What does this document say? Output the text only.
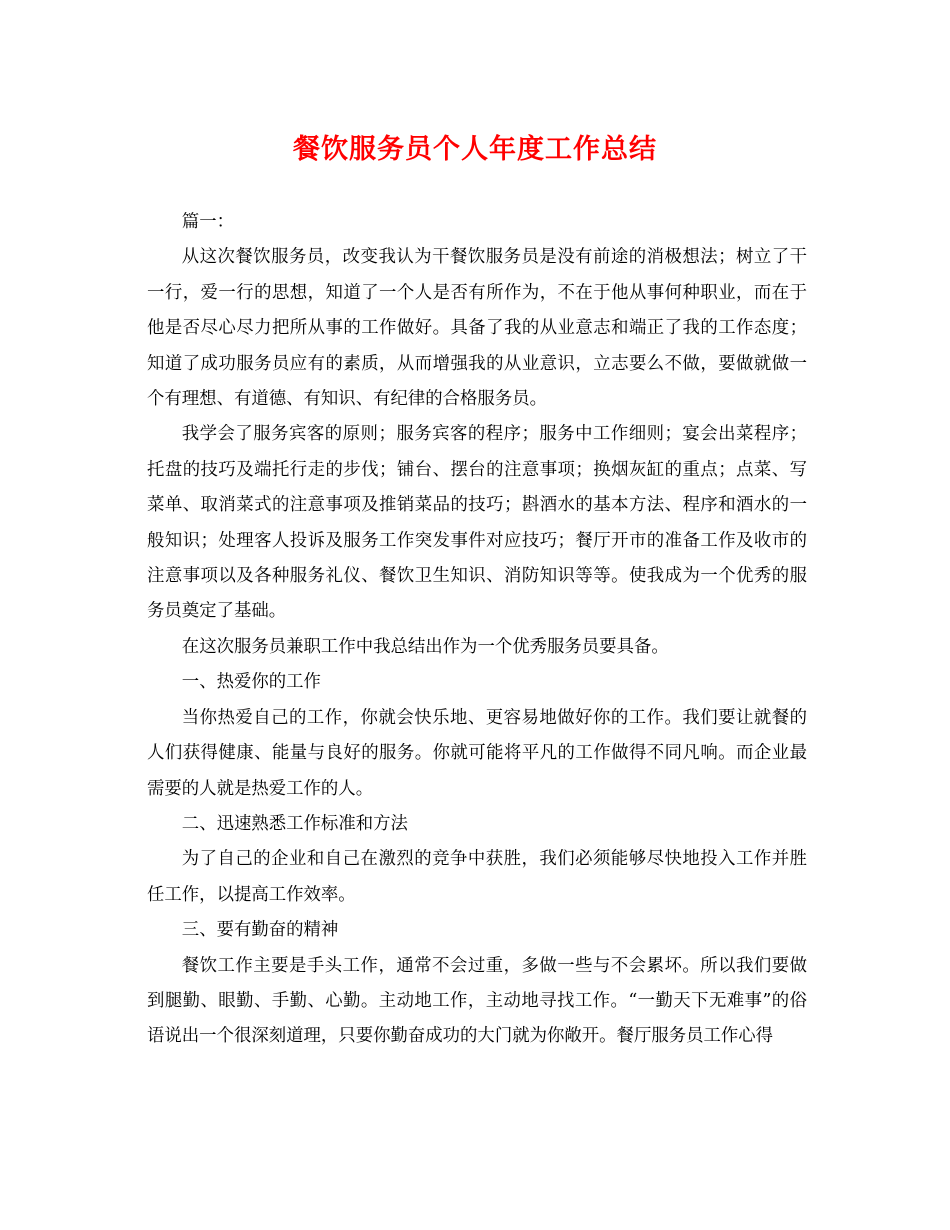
餐饮服务员个人年度工作总结

篇一：

从这次餐饮服务员，改变我认为干餐饮服务员是没有前途的消极想法；树立了干一行，爱一行的思想，知道了一个人是否有所作为，不在于他从事何种职业，而在于他是否尽心尽力把所从事的工作做好。具备了我的从业意志和端正了我的工作态度；知道了成功服务员应有的素质，从而增强我的从业意识，立志要么不做，要做就做一个有理想、有道德、有知识、有纪律的合格服务员。

我学会了服务宾客的原则；服务宾客的程序；服务中工作细则；宴会出菜程序；托盘的技巧及端托行走的步伐；铺台、摆台的注意事项；换烟灰缸的重点；点菜、写菜单、取消菜式的注意事项及推销菜品的技巧；斟酒水的基本方法、程序和酒水的一般知识；处理客人投诉及服务工作突发事件对应技巧；餐厅开市的准备工作及收市的注意事项以及各种服务礼仪、餐饮卫生知识、消防知识等等。使我成为一个优秀的服务员奠定了基础。

在这次服务员兼职工作中我总结出作为一个优秀服务员要具备。

一、热爱你的工作

当你热爱自己的工作，你就会快乐地、更容易地做好你的工作。我们要让就餐的人们获得健康、能量与良好的服务。你就可能将平凡的工作做得不同凡响。而企业最需要的人就是热爱工作的人。

二、迅速熟悉工作标准和方法

为了自己的企业和自己在激烈的竞争中获胜，我们必须能够尽快地投入工作并胜任工作，以提高工作效率。

三、要有勤奋的精神

餐饮工作主要是手头工作，通常不会过重，多做一些与不会累坏。所以我们要做到腿勤、眼勤、手勤、心勤。主动地工作，主动地寻找工作。“一勤天下无难事”的俗语说出一个很深刻道理，只要你勤奋成功的大门就为你敞开。餐厅服务员工作心得
